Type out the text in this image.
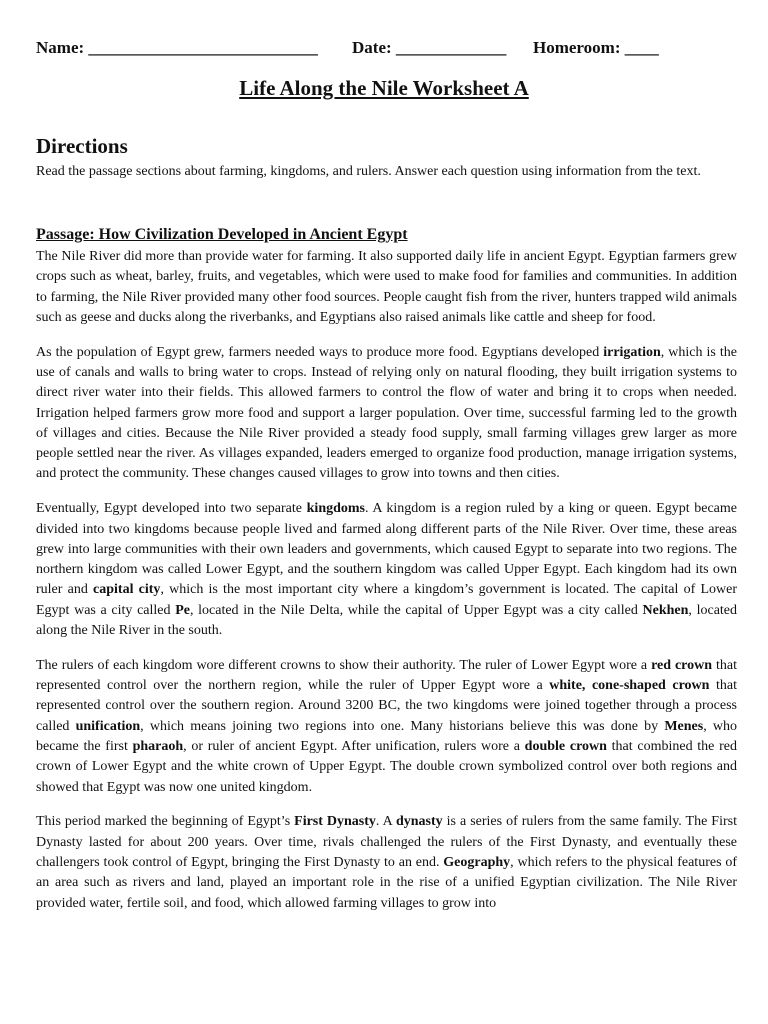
Name: ___________________________ Date: _____________ Homeroom: ____
Life Along the Nile Worksheet A
Directions
Read the passage sections about farming, kingdoms, and rulers. Answer each question using information from the text.
Passage: How Civilization Developed in Ancient Egypt

The Nile River did more than provide water for farming. It also supported daily life in ancient Egypt. Egyptian farmers grew crops such as wheat, barley, fruits, and vegetables, which were used to make food for families and communities. In addition to farming, the Nile River provided many other food sources. People caught fish from the river, hunters trapped wild animals such as geese and ducks along the riverbanks, and Egyptians also raised animals like cattle and sheep for food.

As the population of Egypt grew, farmers needed ways to produce more food. Egyptians developed irrigation, which is the use of canals and walls to bring water to crops. Instead of relying only on natural flooding, they built irrigation systems to direct river water into their fields. This allowed farmers to control the flow of water and bring it to crops when needed. Irrigation helped farmers grow more food and support a larger population. Over time, successful farming led to the growth of villages and cities. Because the Nile River provided a steady food supply, small farming villages grew larger as more people settled near the river. As villages expanded, leaders emerged to organize food production, manage irrigation systems, and protect the community. These changes caused villages to grow into towns and then cities.

Eventually, Egypt developed into two separate kingdoms. A kingdom is a region ruled by a king or queen. Egypt became divided into two kingdoms because people lived and farmed along different parts of the Nile River. Over time, these areas grew into large communities with their own leaders and governments, which caused Egypt to separate into two regions. The northern kingdom was called Lower Egypt, and the southern kingdom was called Upper Egypt. Each kingdom had its own ruler and capital city, which is the most important city where a kingdom’s government is located. The capital of Lower Egypt was a city called Pe, located in the Nile Delta, while the capital of Upper Egypt was a city called Nekhen, located along the Nile River in the south.

The rulers of each kingdom wore different crowns to show their authority. The ruler of Lower Egypt wore a red crown that represented control over the northern region, while the ruler of Upper Egypt wore a white, cone-shaped crown that represented control over the southern region. Around 3200 BC, the two kingdoms were joined together through a process called unification, which means joining two regions into one. Many historians believe this was done by Menes, who became the first pharaoh, or ruler of ancient Egypt. After unification, rulers wore a double crown that combined the red crown of Lower Egypt and the white crown of Upper Egypt. The double crown symbolized control over both regions and showed that Egypt was now one united kingdom.

This period marked the beginning of Egypt’s First Dynasty. A dynasty is a series of rulers from the same family. The First Dynasty lasted for about 200 years. Over time, rivals challenged the rulers of the First Dynasty, and eventually these challengers took control of Egypt, bringing the First Dynasty to an end. Geography, which refers to the physical features of an area such as rivers and land, played an important role in the rise of a unified Egyptian civilization. The Nile River provided water, fertile soil, and food, which allowed farming villages to grow into
